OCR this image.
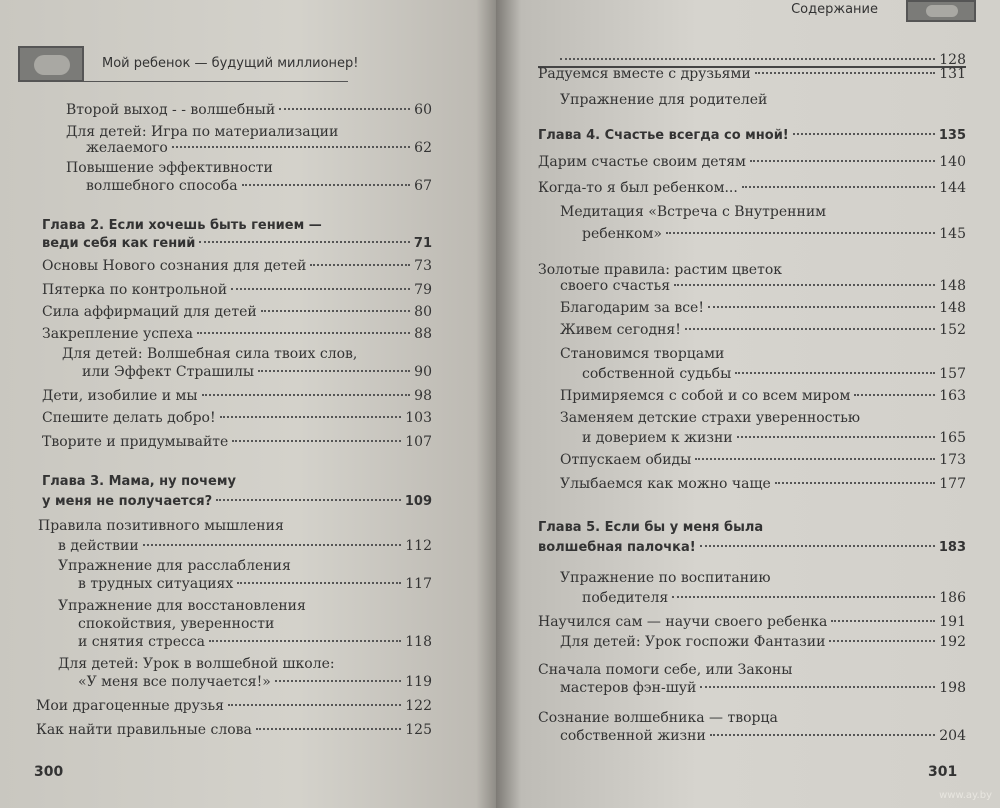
Мой ребенок — будущий миллионер!
Второй выход - - волшебный	60
Для детей: Игра по материализации
желаемого	62
Повышение эффективности
волшебного способа	67
Глава 2. Если хочешь быть гением —
веди себя как гений	71
Основы Нового сознания для детей	73
Пятерка по контрольной	79
Сила аффирмаций для детей	80
Закрепление успеха	88
Для детей: Волшебная сила твоих слов,
или Эффект Страшилы	90
Дети, изобилие и мы	98
Спешите делать добро!	103
Творите и придумывайте	107
Глава 3. Мама, ну почему
у меня не получается?	109
Правила позитивного мышления
в действии	112
Упражнение для расслабления
в трудных ситуациях	117
Упражнение для восстановления
спокойствия, уверенности
и снятия стресса	118
Для детей: Урок в волшебной школе:
«У меня все получается!»	119
Мои драгоценные друзья	122
Как найти правильные слова	125
300
Содержание
128
Радуемся вместе с друзьями	131
Упражнение для родителей
Глава 4. Счастье всегда со мной!	135
Дарим счастье своим детям	140
Когда-то я был ребенком...	144
Медитация «Встреча с Внутренним
ребенком»	145
Золотые правила: растим цветок
своего счастья	148
Благодарим за все!	148
Живем сегодня!	152
Становимся творцами
собственной судьбы	157
Примиряемся с собой и со всем миром	163
Заменяем детские страхи уверенностью
и доверием к жизни	165
Отпускаем обиды	173
Улыбаемся как можно чаще	177
Глава 5. Если бы у меня была
волшебная палочка!	183
Упражнение по воспитанию
победителя	186
Научился сам — научи своего ребенка	191
Для детей: Урок госпожи Фантазии	192
Сначала помоги себе, или Законы
мастеров фэн-шуй	198
Сознание волшебника — творца
собственной жизни	204
301
www.ay.by
